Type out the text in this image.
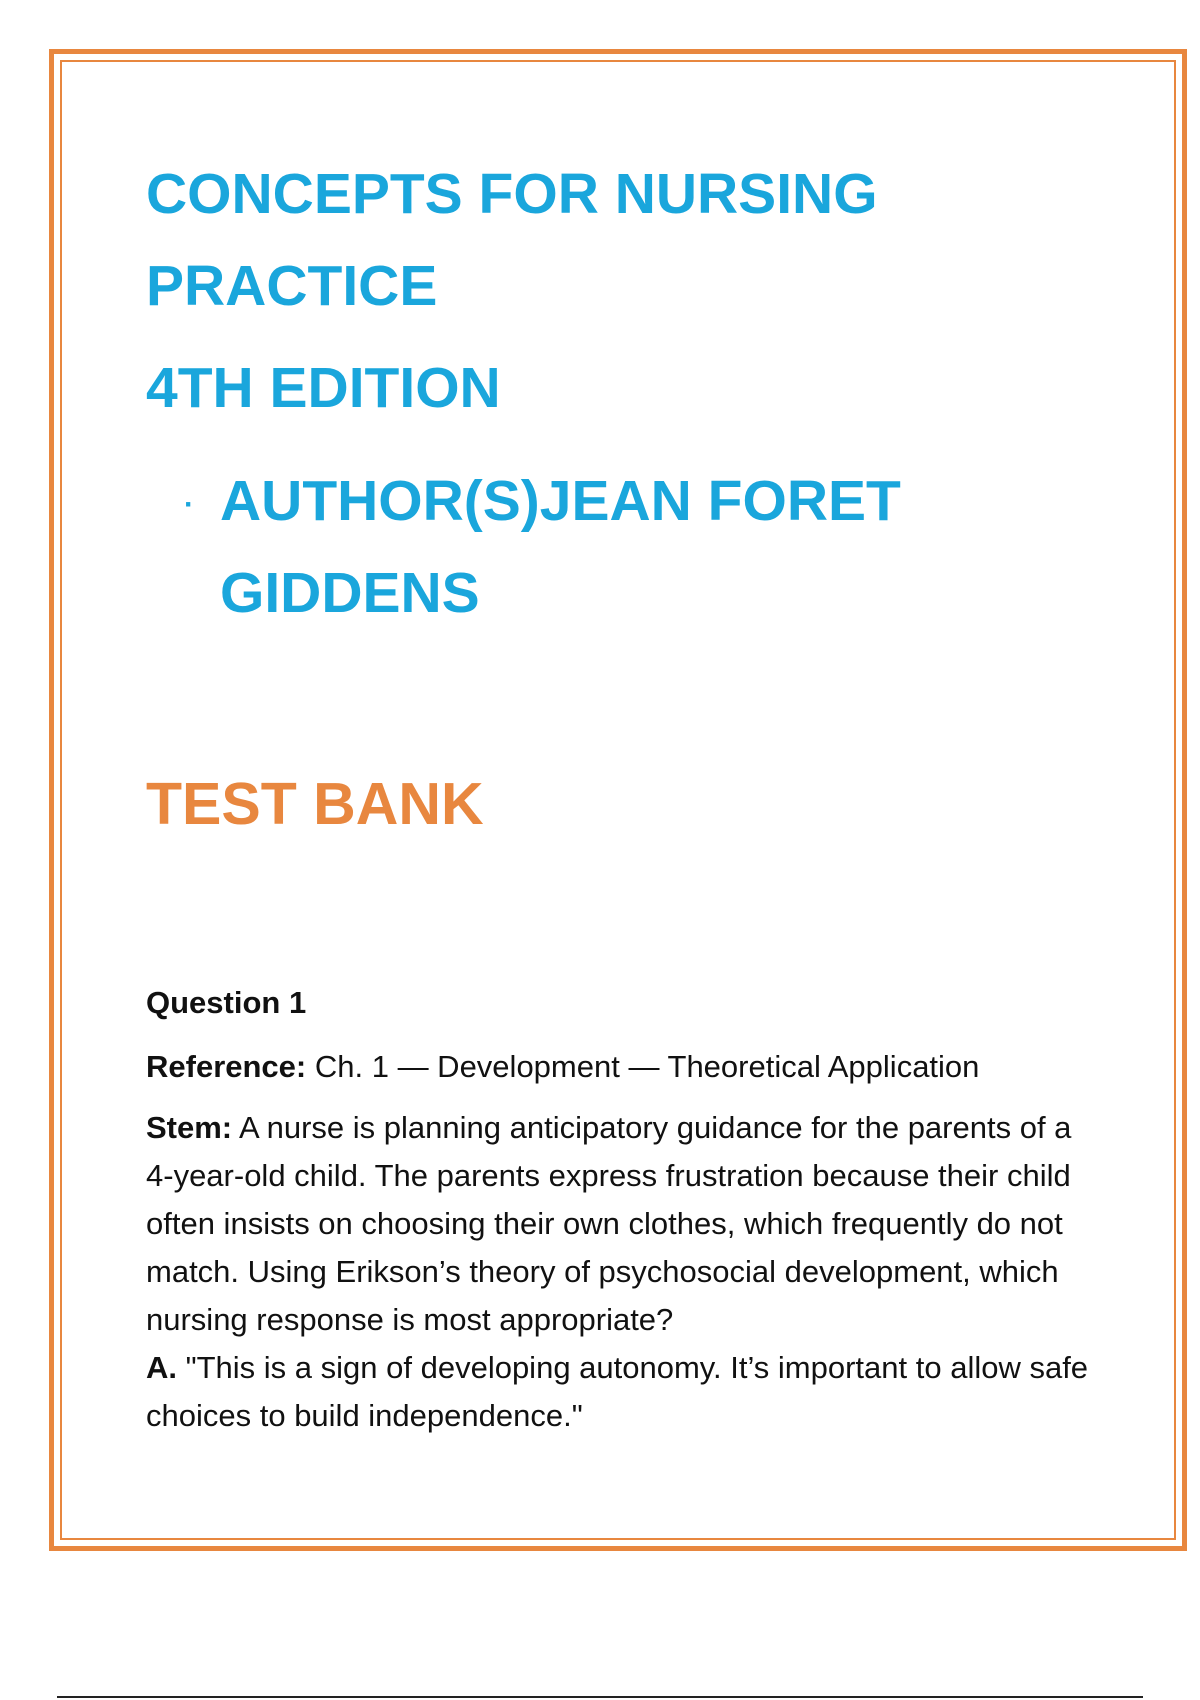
CONCEPTS FOR NURSING
PRACTICE
4TH EDITION
· AUTHOR(S)JEAN FORET
GIDDENS
TEST BANK

Question 1

Reference: Ch. 1 — Development — Theoretical Application

Stem: A nurse is planning anticipatory guidance for the parents of a 4-year-old child. The parents express frustration because their child often insists on choosing their own clothes, which frequently do not match. Using Erikson’s theory of psychosocial development, which nursing response is most appropriate?
A. "This is a sign of developing autonomy. It’s important to allow safe choices to build independence."
